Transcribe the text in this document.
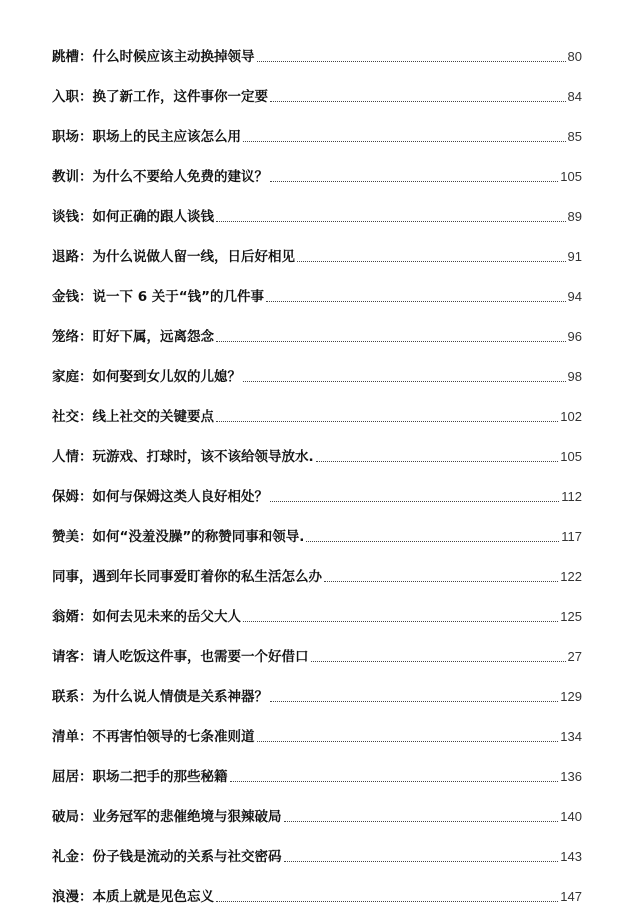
跳槽：什么时候应该主动换掉领导	80
入职：换了新工作，这件事你一定要	84
职场：职场上的民主应该怎么用	85
教训：为什么不要给人免费的建议？	105
谈钱：如何正确的跟人谈钱	89
退路：为什么说做人留一线，日后好相见	91
金钱：说一下 6 关于“钱”的几件事	94
笼络：盯好下属，远离怨念	96
家庭：如何娶到女儿奴的儿媳？	98
社交：线上社交的关键要点	102
人情：玩游戏、打球时，该不该给领导放水.	105
保姆：如何与保姆这类人良好相处？	112
赞美：如何“没羞没臊”的称赞同事和领导.	117
同事，遇到年长同事爱盯着你的私生活怎么办	122
翁婿：如何去见未来的岳父大人	125
请客：请人吃饭这件事，也需要一个好借口	27
联系：为什么说人情债是关系神器？	129
清单：不再害怕领导的七条准则道	134
屈居：职场二把手的那些秘籍	136
破局：业务冠军的悲催绝境与狠辣破局	140
礼金：份子钱是流动的关系与社交密码	143
浪漫：本质上就是见色忘义	147
